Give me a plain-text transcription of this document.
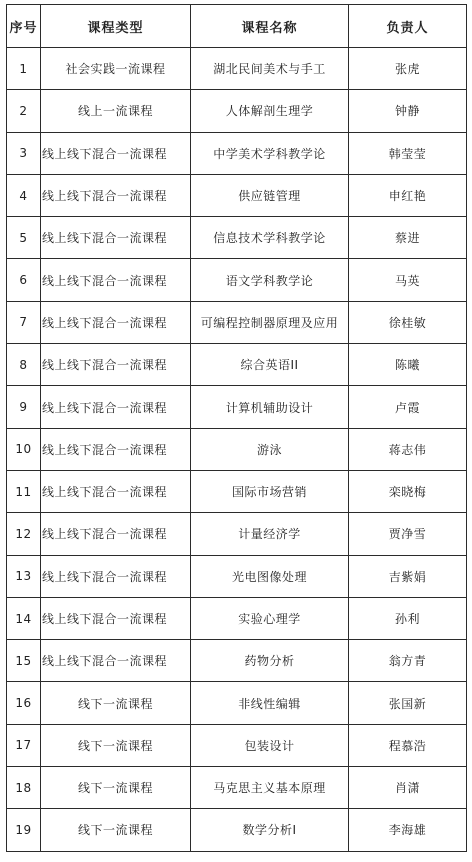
序号	课程类型	课程名称	负责人
1	社会实践一流课程	湖北民间美术与手工	张虎
2	线上一流课程	人体解剖生理学	钟静
3	线上线下混合一流课程	中学美术学科教学论	韩莹莹
4	线上线下混合一流课程	供应链管理	申红艳
5	线上线下混合一流课程	信息技术学科教学论	蔡进
6	线上线下混合一流课程	语文学科教学论	马英
7	线上线下混合一流课程	可编程控制器原理及应用	徐桂敏
8	线上线下混合一流课程	综合英语II	陈曦
9	线上线下混合一流课程	计算机辅助设计	卢霞
10	线上线下混合一流课程	游泳	蒋志伟
11	线上线下混合一流课程	国际市场营销	栾晓梅
12	线上线下混合一流课程	计量经济学	贾净雪
13	线上线下混合一流课程	光电图像处理	吉紫娟
14	线上线下混合一流课程	实验心理学	孙利
15	线上线下混合一流课程	药物分析	翁方青
16	线下一流课程	非线性编辑	张国新
17	线下一流课程	包装设计	程慕浩
18	线下一流课程	马克思主义基本原理	肖潇
19	线下一流课程	数学分析I	李海雄
